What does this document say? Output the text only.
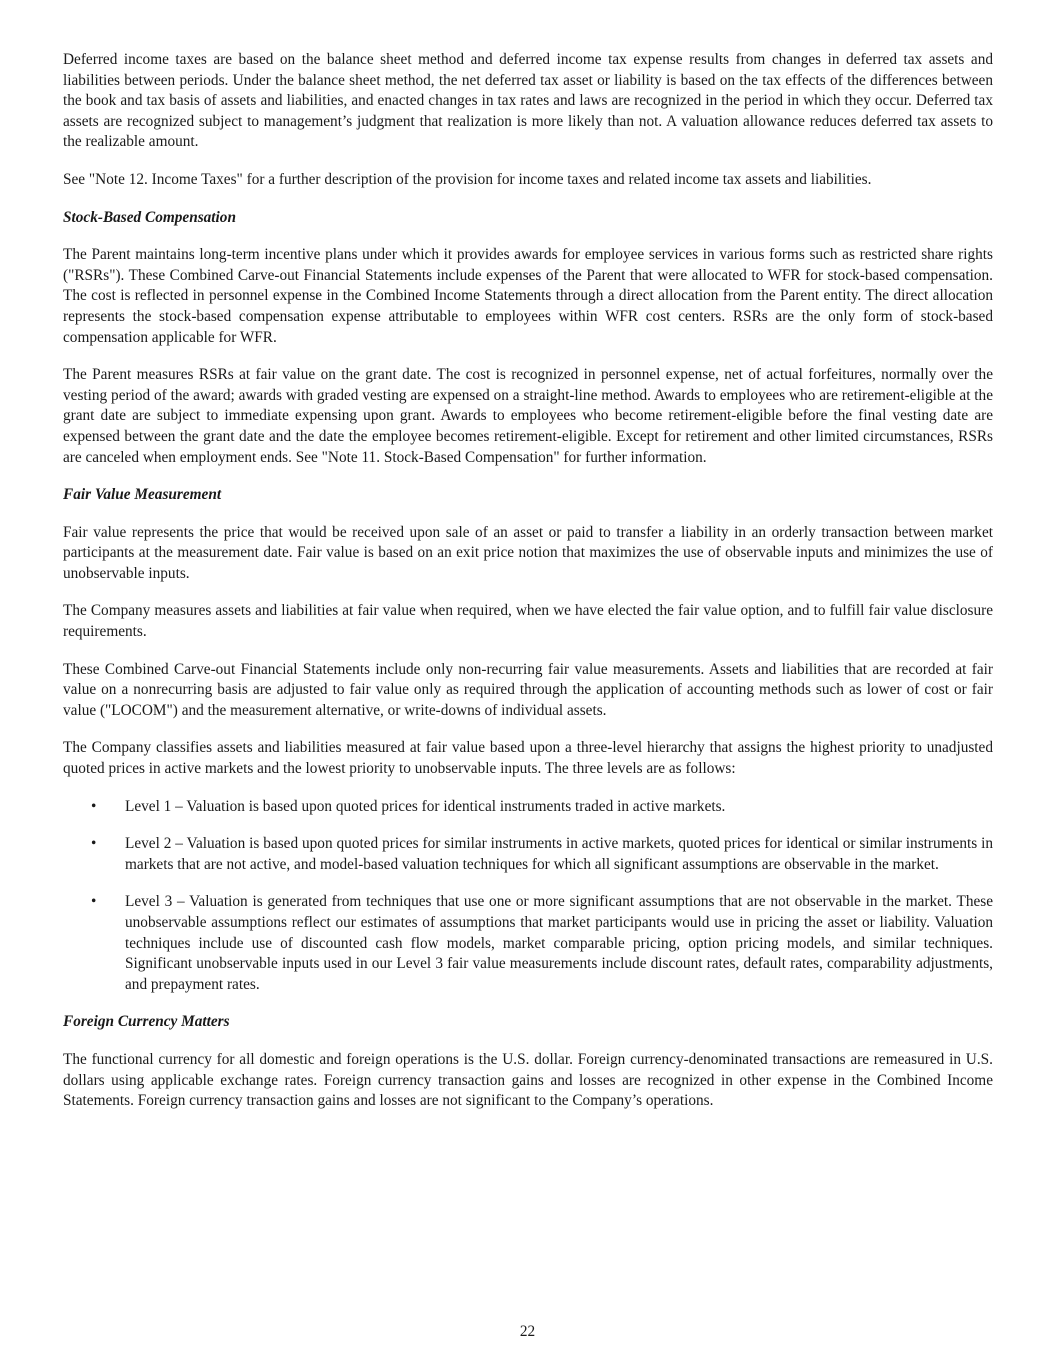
Deferred income taxes are based on the balance sheet method and deferred income tax expense results from changes in deferred tax assets and liabilities between periods. Under the balance sheet method, the net deferred tax asset or liability is based on the tax effects of the differences between the book and tax basis of assets and liabilities, and enacted changes in tax rates and laws are recognized in the period in which they occur. Deferred tax assets are recognized subject to management’s judgment that realization is more likely than not. A valuation allowance reduces deferred tax assets to the realizable amount.

See "Note 12. Income Taxes" for a further description of the provision for income taxes and related income tax assets and liabilities.

Stock-Based Compensation

The Parent maintains long-term incentive plans under which it provides awards for employee services in various forms such as restricted share rights ("RSRs"). These Combined Carve-out Financial Statements include expenses of the Parent that were allocated to WFR for stock-based compensation. The cost is reflected in personnel expense in the Combined Income Statements through a direct allocation from the Parent entity. The direct allocation represents the stock-based compensation expense attributable to employees within WFR cost centers. RSRs are the only form of stock-based compensation applicable for WFR.

The Parent measures RSRs at fair value on the grant date. The cost is recognized in personnel expense, net of actual forfeitures, normally over the vesting period of the award; awards with graded vesting are expensed on a straight-line method. Awards to employees who are retirement-eligible at the grant date are subject to immediate expensing upon grant. Awards to employees who become retirement-eligible before the final vesting date are expensed between the grant date and the date the employee becomes retirement-eligible. Except for retirement and other limited circumstances, RSRs are canceled when employment ends. See "Note 11. Stock-Based Compensation" for further information.

Fair Value Measurement

Fair value represents the price that would be received upon sale of an asset or paid to transfer a liability in an orderly transaction between market participants at the measurement date. Fair value is based on an exit price notion that maximizes the use of observable inputs and minimizes the use of unobservable inputs.

The Company measures assets and liabilities at fair value when required, when we have elected the fair value option, and to fulfill fair value disclosure requirements.

These Combined Carve-out Financial Statements include only non-recurring fair value measurements. Assets and liabilities that are recorded at fair value on a nonrecurring basis are adjusted to fair value only as required through the application of accounting methods such as lower of cost or fair value ("LOCOM") and the measurement alternative, or write-downs of individual assets.

The Company classifies assets and liabilities measured at fair value based upon a three-level hierarchy that assigns the highest priority to unadjusted quoted prices in active markets and the lowest priority to unobservable inputs. The three levels are as follows:

• Level 1 – Valuation is based upon quoted prices for identical instruments traded in active markets.
• Level 2 – Valuation is based upon quoted prices for similar instruments in active markets, quoted prices for identical or similar instruments in markets that are not active, and model-based valuation techniques for which all significant assumptions are observable in the market.
• Level 3 – Valuation is generated from techniques that use one or more significant assumptions that are not observable in the market. These unobservable assumptions reflect our estimates of assumptions that market participants would use in pricing the asset or liability. Valuation techniques include use of discounted cash flow models, market comparable pricing, option pricing models, and similar techniques. Significant unobservable inputs used in our Level 3 fair value measurements include discount rates, default rates, comparability adjustments, and prepayment rates.
Foreign Currency Matters

The functional currency for all domestic and foreign operations is the U.S. dollar. Foreign currency-denominated transactions are remeasured in U.S. dollars using applicable exchange rates. Foreign currency transaction gains and losses are recognized in other expense in the Combined Income Statements. Foreign currency transaction gains and losses are not significant to the Company’s operations.

22
